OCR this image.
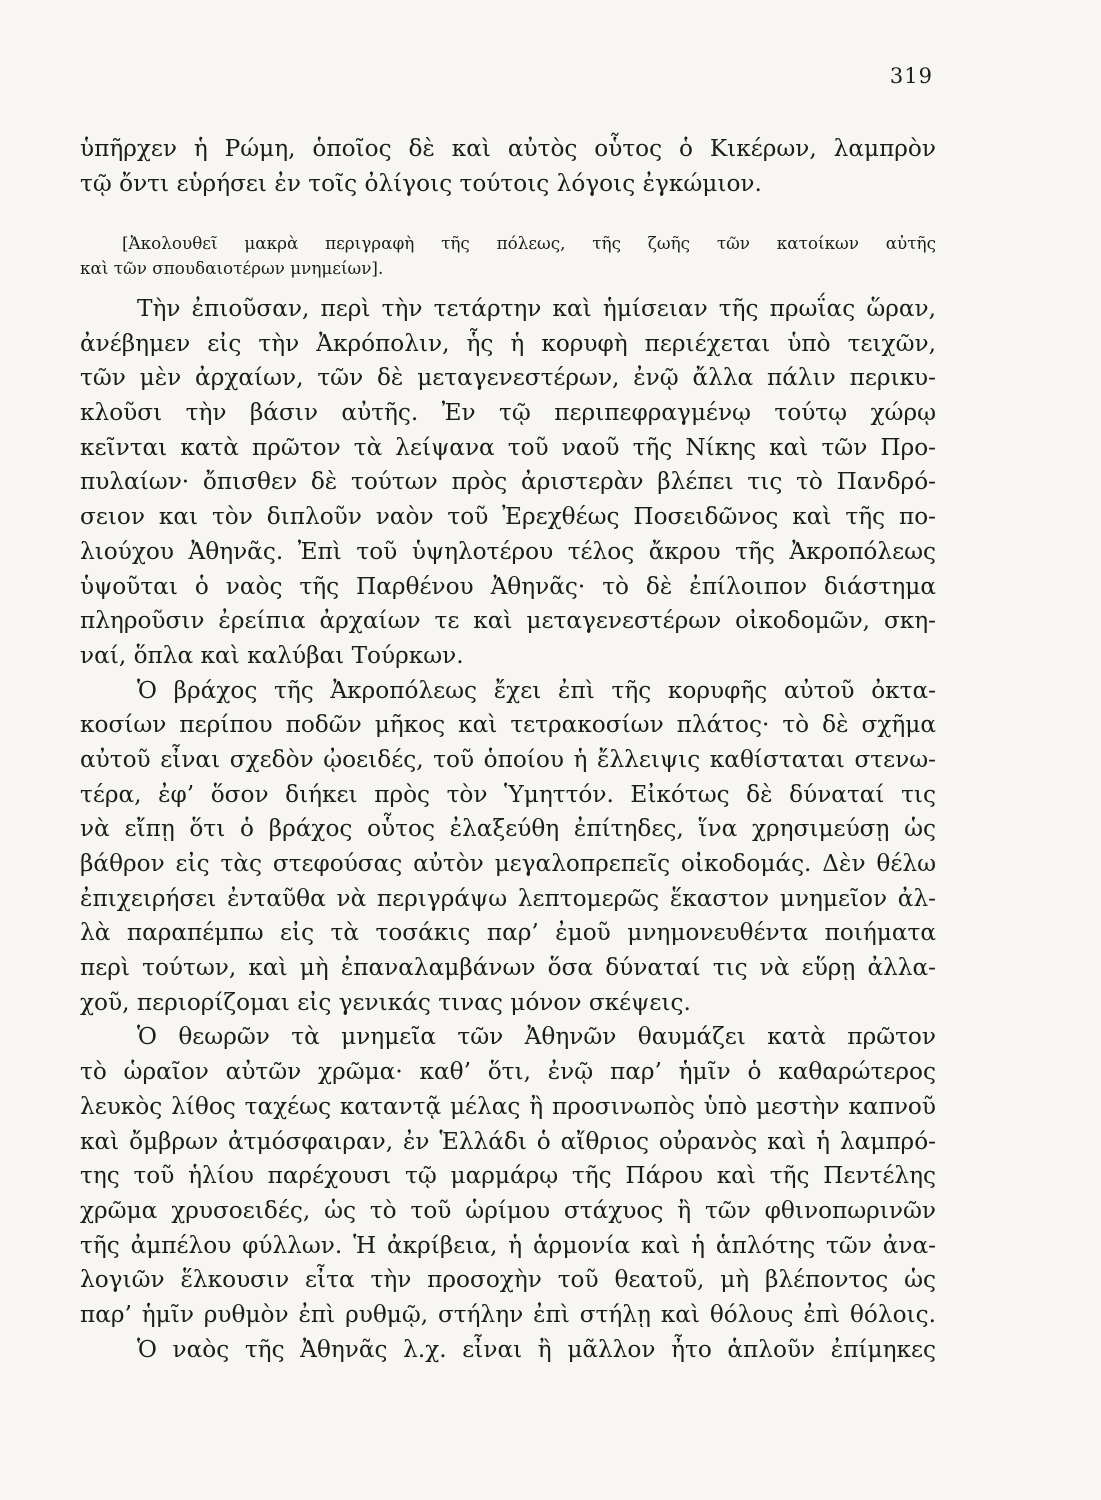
319
ὑπῆρχεν ἡ Ρώμη, ὁποῖος δὲ καὶ αὐτὸς οὗτος ὁ Κικέρων, λαμπρὸν
τῷ ὄντι εὑρήσει ἐν τοῖς ὀλίγοις τούτοις λόγοις ἐγκώμιον.
[Ἀκολουθεῖ μακρὰ περιγραφὴ τῆς πόλεως, τῆς ζωῆς τῶν κατοίκων αὐτῆς
καὶ τῶν σπουδαιοτέρων μνημείων].
Τὴν ἐπιοῦσαν, περὶ τὴν τετάρτην καὶ ἡμίσειαν τῆς πρωΐας ὥραν,
ἀνέβημεν εἰς τὴν Ἀκρόπολιν, ἧς ἡ κορυφὴ περιέχεται ὑπὸ τειχῶν,
τῶν μὲν ἀρχαίων, τῶν δὲ μεταγενεστέρων, ἐνῷ ἄλλα πάλιν περικυ-
κλοῦσι τὴν βάσιν αὐτῆς. Ἐν τῷ περιπεφραγμένῳ τούτῳ χώρῳ
κεῖνται κατὰ πρῶτον τὰ λείψανα τοῦ ναοῦ τῆς Νίκης καὶ τῶν Προ-
πυλαίων· ὄπισθεν δὲ τούτων πρὸς ἀριστερὰν βλέπει τις τὸ Πανδρό-
σειον και τὸν διπλοῦν ναὸν τοῦ Ἐρεχθέως Ποσειδῶνος καὶ τῆς πο-
λιούχου Ἀθηνᾶς. Ἐπὶ τοῦ ὑψηλοτέρου τέλος ἄκρου τῆς Ἀκροπόλεως
ὑψοῦται ὁ ναὸς τῆς Παρθένου Ἀθηνᾶς· τὸ δὲ ἐπίλοιπον διάστημα
πληροῦσιν ἐρείπια ἀρχαίων τε καὶ μεταγενεστέρων οἰκοδομῶν, σκη-
ναί, ὅπλα καὶ καλύβαι Τούρκων.
Ὁ βράχος τῆς Ἀκροπόλεως ἔχει ἐπὶ τῆς κορυφῆς αὐτοῦ ὀκτα-
κοσίων περίπου ποδῶν μῆκος καὶ τετρακοσίων πλάτος· τὸ δὲ σχῆμα
αὐτοῦ εἶναι σχεδὸν ᾠοειδές, τοῦ ὁποίου ἡ ἔλλειψις καθίσταται στενω-
τέρα, ἐφ’ ὅσον διήκει πρὸς τὸν Ὑμηττόν. Εἰκότως δὲ δύναταί τις
νὰ εἴπῃ ὅτι ὁ βράχος οὗτος ἐλαξεύθη ἐπίτηδες, ἵνα χρησιμεύσῃ ὡς
βάθρον εἰς τὰς στεφούσας αὐτὸν μεγαλοπρεπεῖς οἰκοδομάς. Δὲν θέλω
ἐπιχειρήσει ἐνταῦθα νὰ περιγράψω λεπτομερῶς ἕκαστον μνημεῖον ἀλ-
λὰ παραπέμπω εἰς τὰ τοσάκις παρ’ ἐμοῦ μνημονευθέντα ποιήματα
περὶ τούτων, καὶ μὴ ἐπαναλαμβάνων ὅσα δύναταί τις νὰ εὕρῃ ἀλλα-
χοῦ, περιορίζομαι εἰς γενικάς τινας μόνον σκέψεις.
Ὁ θεωρῶν τὰ μνημεῖα τῶν Ἀθηνῶν θαυμάζει κατὰ πρῶτον
τὸ ὡραῖον αὐτῶν χρῶμα· καθ’ ὅτι, ἐνῷ παρ’ ἡμῖν ὁ καθαρώτερος
λευκὸς λίθος ταχέως καταντᾷ μέλας ἢ προσινωπὸς ὑπὸ μεστὴν καπνοῦ
καὶ ὄμβρων ἀτμόσφαιραν, ἐν Ἑλλάδι ὁ αἴθριος οὐρανὸς καὶ ἡ λαμπρό-
της τοῦ ἡλίου παρέχουσι τῷ μαρμάρῳ τῆς Πάρου καὶ τῆς Πεντέλης
χρῶμα χρυσοειδές, ὡς τὸ τοῦ ὡρίμου στάχυος ἢ τῶν φθινοπωρινῶν
τῆς ἀμπέλου φύλλων. Ἡ ἀκρίβεια, ἡ ἁρμονία καὶ ἡ ἁπλότης τῶν ἀνα-
λογιῶν ἕλκουσιν εἶτα τὴν προσοχὴν τοῦ θεατοῦ, μὴ βλέποντος ὡς
παρ’ ἡμῖν ρυθμὸν ἐπὶ ρυθμῷ, στήλην ἐπὶ στήλῃ καὶ θόλους ἐπὶ θόλοις.
Ὁ ναὸς τῆς Ἀθηνᾶς λ.χ. εἶναι ἢ μᾶλλον ἦτο ἁπλοῦν ἐπίμηκες
